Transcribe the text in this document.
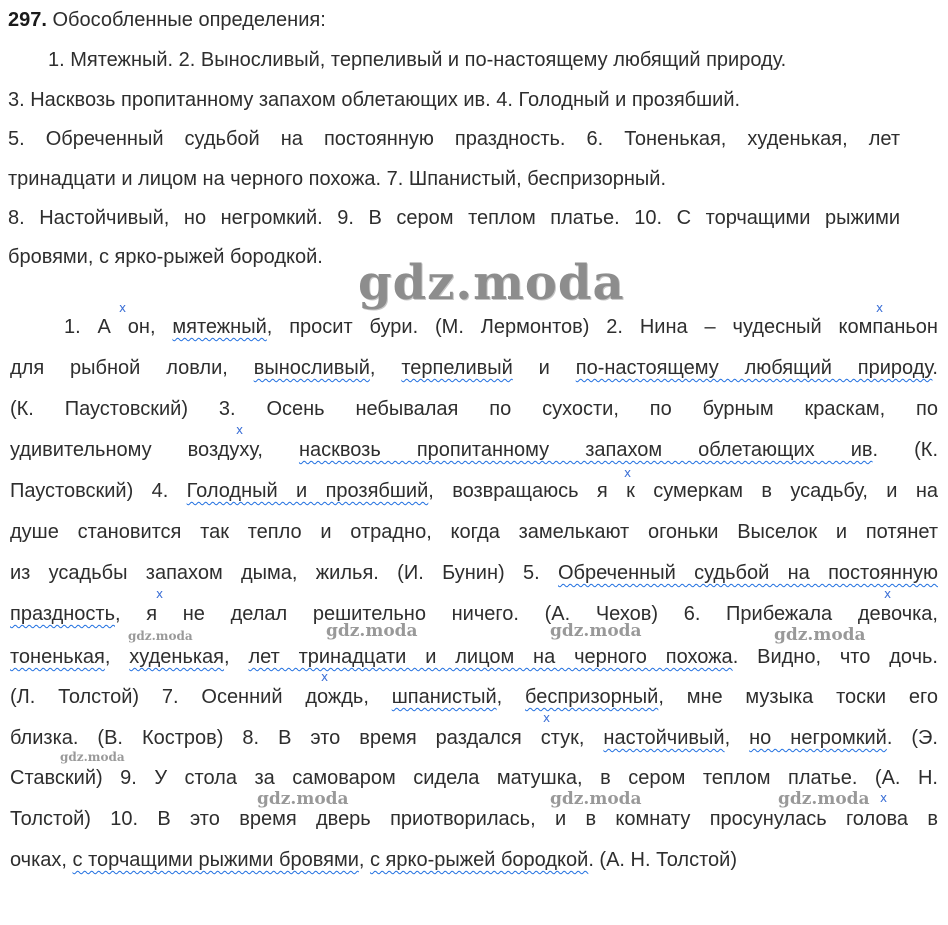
297. Обособленные определения:
1. Мятежный. 2. Выносливый, терпеливый и по-настоящему любящий природу.
3. Насквозь пропитанному запахом облетающих ив. 4. Голодный и прозябший.
5. Обреченный судьбой на постоянную праздность. 6. Тоненькая, худенькая, лет
тринадцати и лицом на черного похожа. 7. Шпанистый, беспризорный.
8. Настойчивый, но негромкий. 9. В сером теплом платье. 10. С торчащими рыжими
бровями, с ярко-рыжей бородкой. gdz.moda
1. А он, мятежный, просит бури. (М. Лермонтов) 2. Нина – чудесный компаньон
для рыбной ловли, выносливый, терпеливый и по-настоящему любящий природу.
(К. Паустовский) 3. Осень небывалая по сухости, по бурным краскам, по
удивительному воздуху, насквозь пропитанному запахом облетающих ив. (К.
Паустовский) 4. Голодный и прозябший, возвращаюсь я к сумеркам в усадьбу, и на
душе становится так тепло и отрадно, когда замелькают огоньки Выселок и потянет
из усадьбы запахом дыма, жилья. (И. Бунин) 5. Обреченный судьбой на постоянную
праздность, я не делал решительно ничего. (А. Чехов) 6. Прибежала девочка,
тоненькая, худенькая, лет тринадцати и лицом на черного похожа. Видно, что дочь.
(Л. Толстой) 7. Осенний дождь, шпанистый, беспризорный, мне музыка тоски его
близка. (В. Костров) 8. В это время раздался стук, настойчивый, но негромкий. (Э.
Ставский) 9. У стола за самоваром сидела матушка, в сером теплом платье. (А. Н.
Толстой) 10. В это время дверь приотворилась, и в комнату просунулась голова в
очках, с торчащими рыжими бровями, с ярко-рыжей бородкой. (А. Н. Толстой)
x	x
x
x
x	x
x
x
x
gdz.moda	gdz.moda	gdz.moda	gdz.moda
gdz.moda
gdz.moda	gdz.moda	gdz.moda
